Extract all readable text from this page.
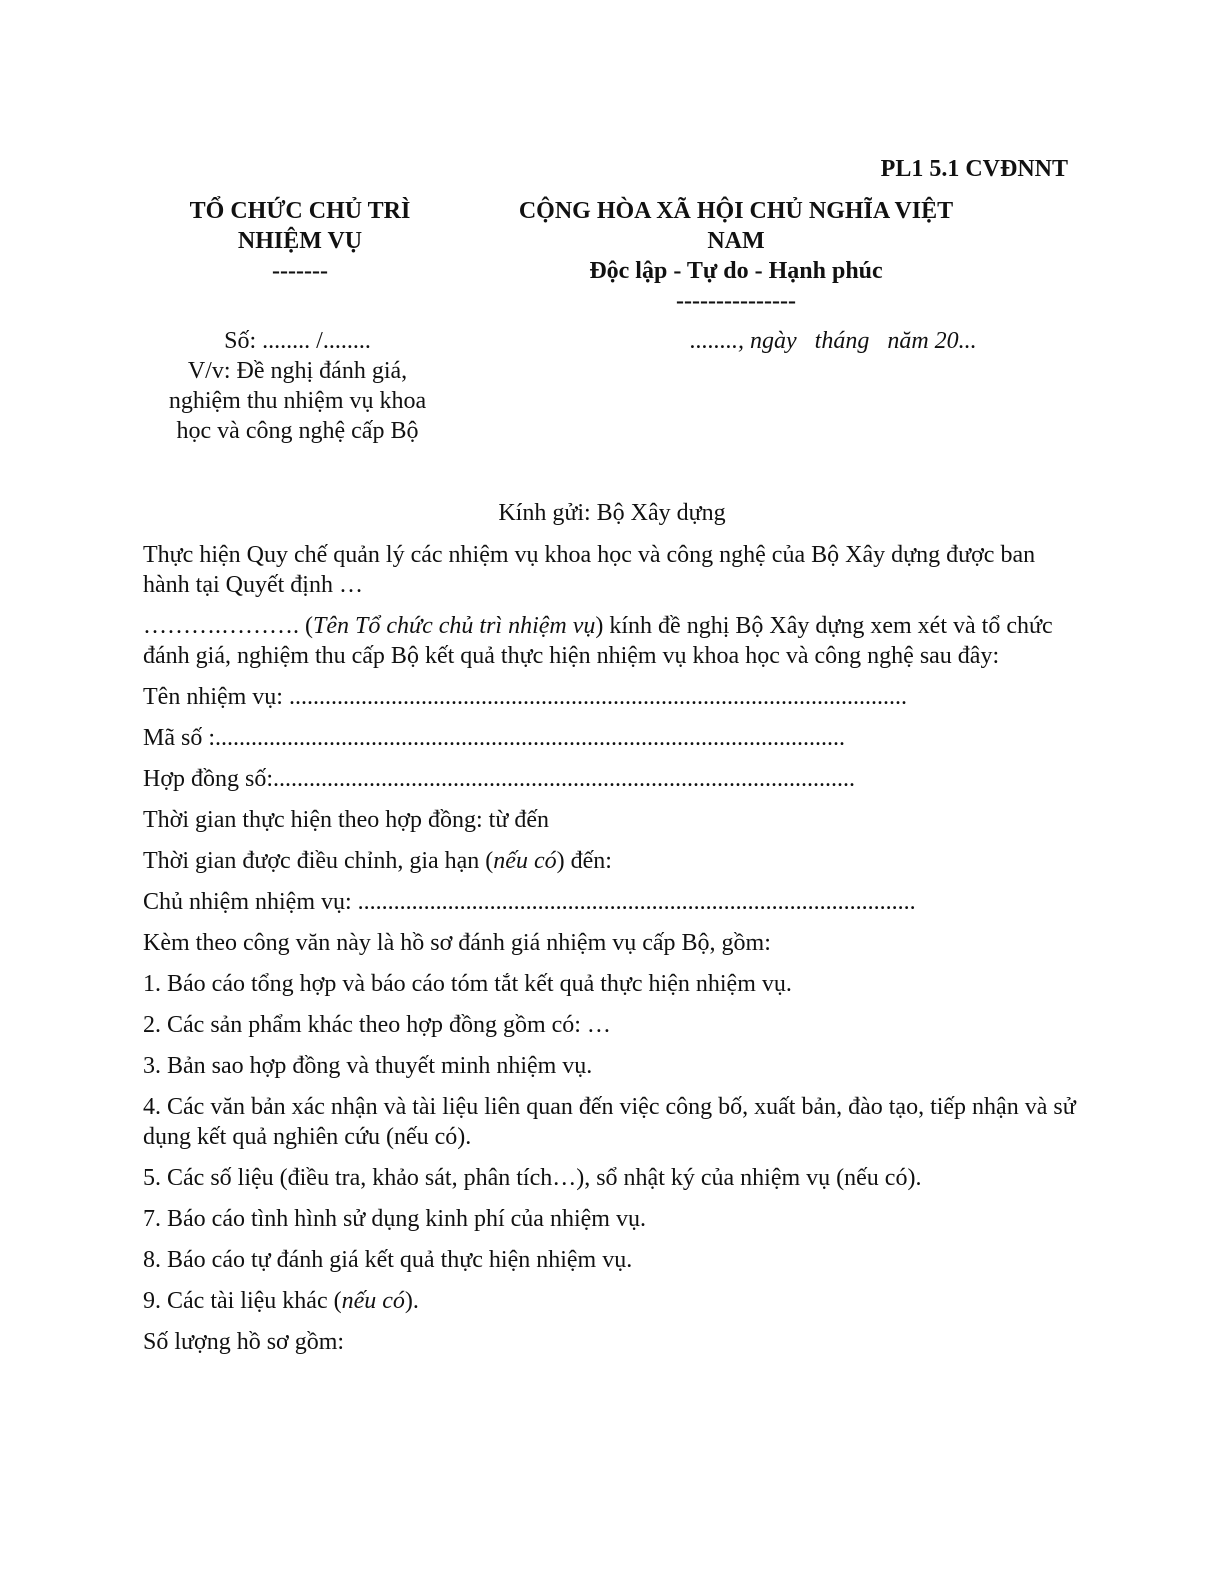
PL1 5.1 CVĐNNT
TỔ CHỨC CHỦ TRÌ
NHIỆM VỤ
-------
CỘNG HÒA XÃ HỘI CHỦ NGHĨA VIỆT
NAM
Độc lập - Tự do - Hạnh phúc
---------------
Số: ........ /........
V/v: Đề nghị đánh giá,
nghiệm thu nhiệm vụ khoa
học và công nghệ cấp Bộ
........, ngày   tháng   năm 20...
Kính gửi: Bộ Xây dựng

Thực hiện Quy chế quản lý các nhiệm vụ khoa học và công nghệ của Bộ Xây dựng được ban hành tại Quyết định …

……….………. (Tên Tổ chức chủ trì nhiệm vụ) kính đề nghị Bộ Xây dựng xem xét và tổ chức đánh giá, nghiệm thu cấp Bộ kết quả thực hiện nhiệm vụ khoa học và công nghệ sau đây:

Tên nhiệm vụ: .......................................................................................................

Mã số :.........................................................................................................

Hợp đồng số:.................................................................................................

Thời gian thực hiện theo hợp đồng: từ đến

Thời gian được điều chỉnh, gia hạn (nếu có) đến:

Chủ nhiệm nhiệm vụ: .............................................................................................

Kèm theo công văn này là hồ sơ đánh giá nhiệm vụ cấp Bộ, gồm:

1. Báo cáo tổng hợp và báo cáo tóm tắt kết quả thực hiện nhiệm vụ.

2. Các sản phẩm khác theo hợp đồng gồm có: …

3. Bản sao hợp đồng và thuyết minh nhiệm vụ.

4. Các văn bản xác nhận và tài liệu liên quan đến việc công bố, xuất bản, đào tạo, tiếp nhận và sử dụng kết quả nghiên cứu (nếu có).

5. Các số liệu (điều tra, khảo sát, phân tích…), sổ nhật ký của nhiệm vụ (nếu có).

7. Báo cáo tình hình sử dụng kinh phí của nhiệm vụ.

8. Báo cáo tự đánh giá kết quả thực hiện nhiệm vụ.

9. Các tài liệu khác (nếu có).

Số lượng hồ sơ gồm:
